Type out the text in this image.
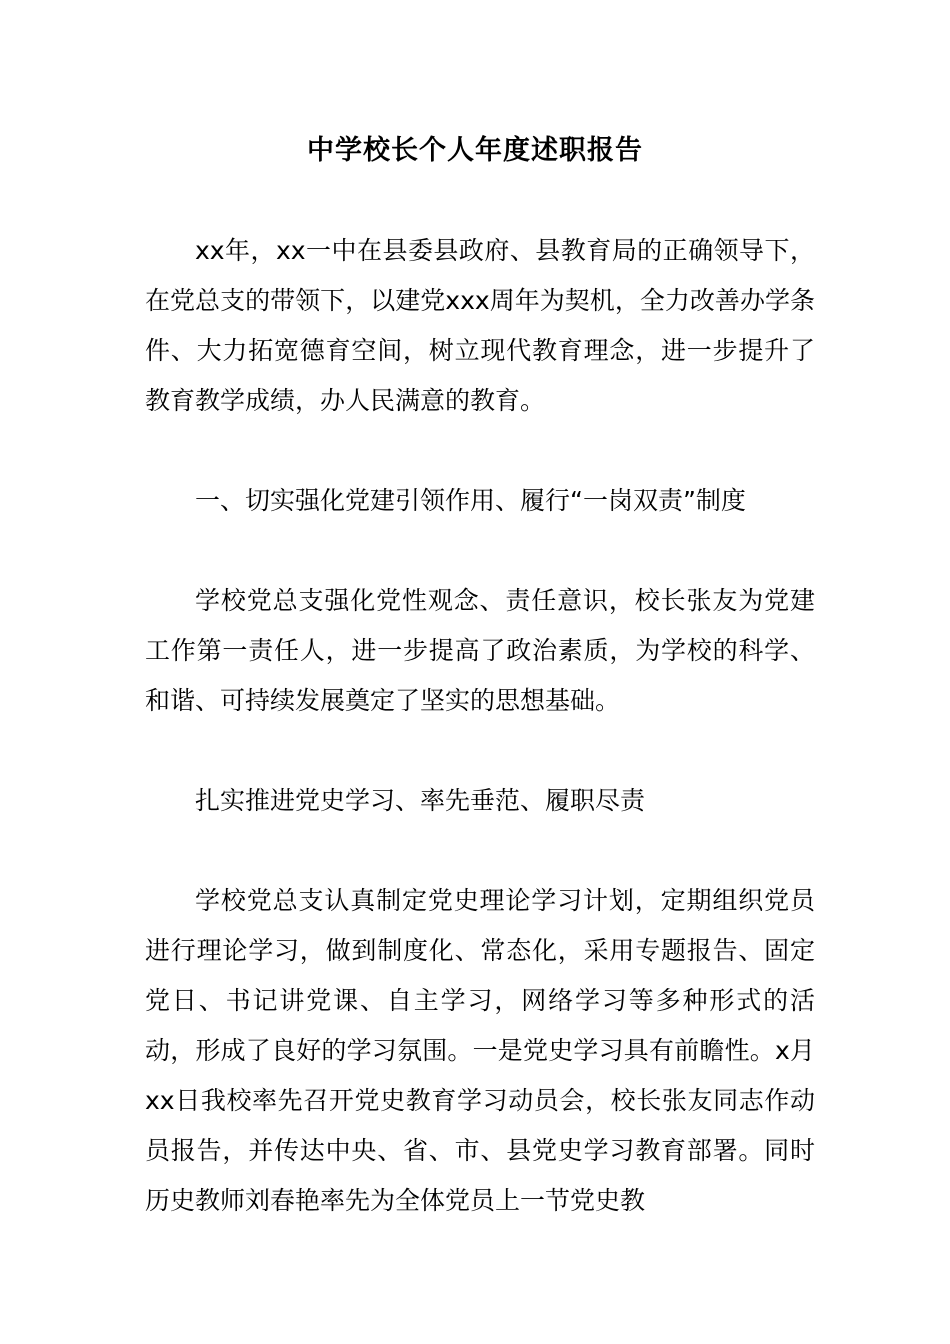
中学校长个人年度述职报告

xx年，xx一中在县委县政府、县教育局的正确领导下，在党总支的带领下，以建党xxx周年为契机，全力改善办学条件、大力拓宽德育空间，树立现代教育理念，进一步提升了教育教学成绩，办人民满意的教育。

一、切实强化党建引领作用、履行“一岗双责”制度

学校党总支强化党性观念、责任意识，校长张友为党建工作第一责任人，进一步提高了政治素质，为学校的科学、和谐、可持续发展奠定了坚实的思想基础。

扎实推进党史学习、率先垂范、履职尽责

学校党总支认真制定党史理论学习计划，定期组织党员进行理论学习，做到制度化、常态化，采用专题报告、固定党日、书记讲党课、自主学习，网络学习等多种形式的活动，形成了良好的学习氛围。一是党史学习具有前瞻性。x月xx日我校率先召开党史教育学习动员会，校长张友同志作动员报告，并传达中央、省、市、县党史学习教育部署。同时历史教师刘春艳率先为全体党员上一节党史教
